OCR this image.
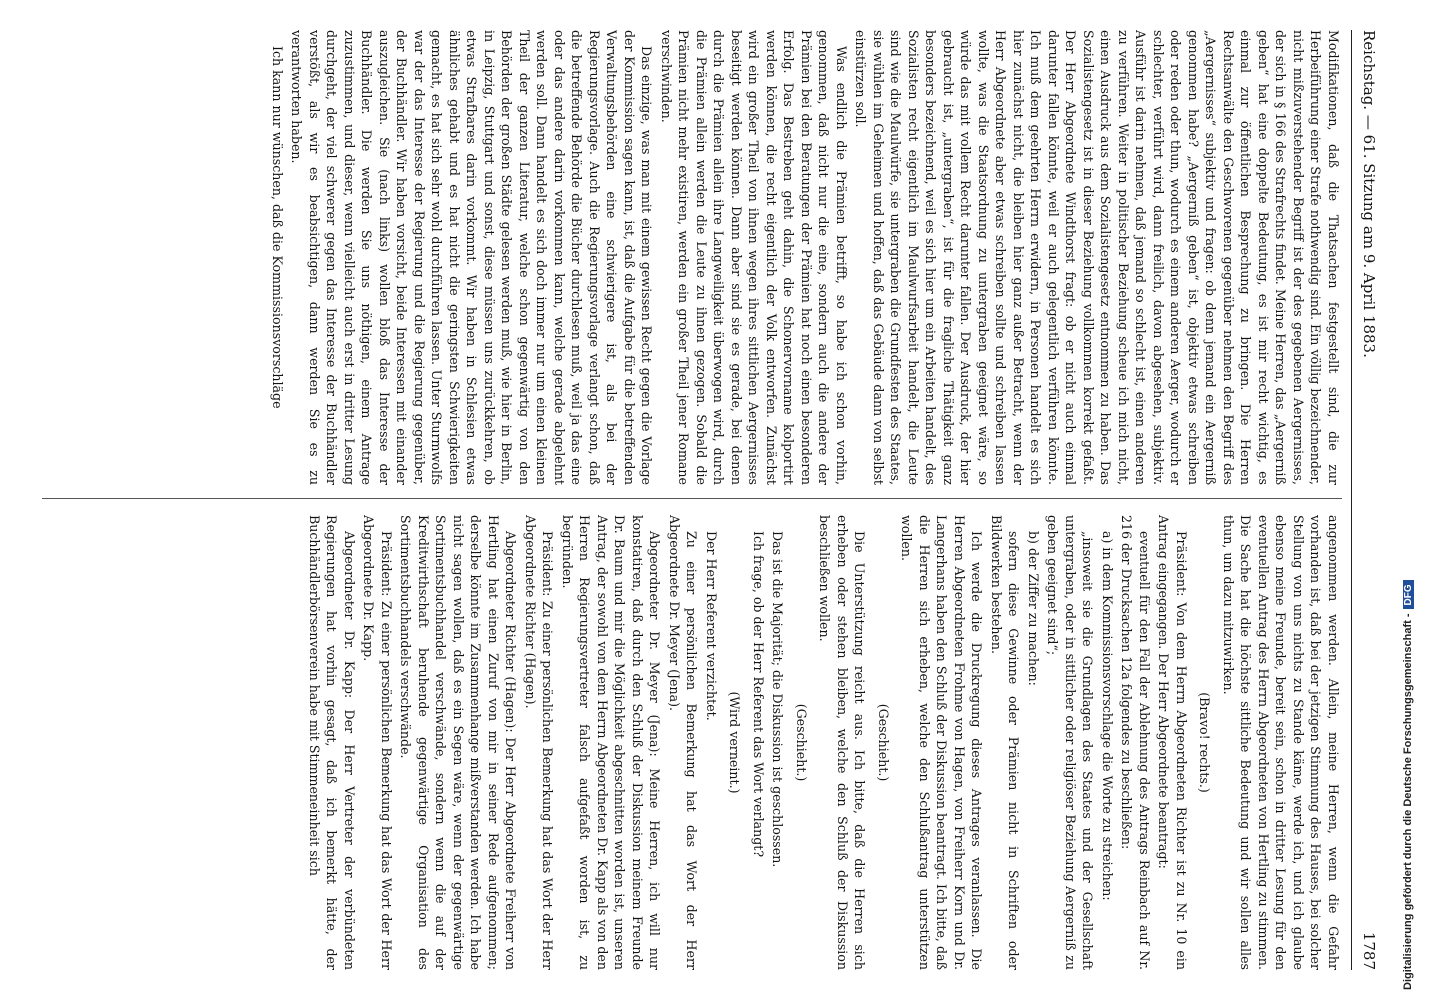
Reichstag. — 61. Sitzung am 9. April 1883.
1787

Modifikationen, daß die Thatsachen festgestellt sind, die zur Herbeiführung einer Strafe nothwendig sind. Ein völlig bezeichnender, nicht mißzuverstehender Begriff ist der des gegebenen Aergernisses, der sich in § 166 des Strafrechts findet. Meine Herren, das „Aergerniß geben“ hat eine doppelte Bedeutung, es ist mir recht wichtig, es einmal zur öffentlichen Besprechung zu bringen. Die Herren Rechtsanwälte den Geschworenen gegenüber nehmen den Begriff des „Aergernisses“ subjektiv und fragen: ob denn jemand ein Aergerniß genommen habe? „Aergerniß geben“ ist, objektiv etwas schreiben oder reden oder thun, wodurch es einem anderen Aerger, wodurch er schlechter, verführt wird, dann freilich, davon abgesehen, subjektiv. Ausführ ist darin nehmen, daß jemand so schlecht ist, einen anderen zu verführen. Weiter in politischer Beziehung scheue ich mich nicht, einen Ausdruck aus dem Sozialistengesetz entnommen zu haben. Das Sozialistengesetz ist in dieser Beziehung vollkommen korrekt gefaßt. Der Herr Abgeordnete Windthorst fragt: ob er nicht auch einmal darunter fallen könnte, weil er auch gelegentlich verführen könnte. Ich muß dem geehrten Herrn erwidern, in Personen handelt es sich hier zunächst nicht, die bleiben hier ganz außer Betracht, wenn der Herr Abgeordnete aber etwas schreiben sollte und schreiben lassen wollte, was die Staatsordnung zu untergraben geeignet wäre, so würde das mit vollem Recht darunter fallen. Der Ausdruck, der hier gebraucht ist, „untergraben“, ist für die fragliche Thätigkeit ganz besonders bezeichnend, weil es sich hier um ein Arbeiten handelt, des Sozialisten recht eigentlich im Maulwurfsarbeit handelt, die Leute sind wie die Maulwürfe, sie untergraben die Grundfesten des Staates, sie wühlen im Geheimen und hoffen, daß das Gebäude dann von selbst einstürzen soll.

Was endlich die Prämien betrifft, so habe ich schon vorhin, genommen, daß nicht nur die eine, sondern auch die andere der Prämien bei den Beratungen der Prämien hat noch einen besonderen Erfolg. Das Bestreben geht dahin, die Schonervorname kolportirt werden können, die recht eigentlich der Volk entworfen. Zunächst wird ein großer Theil von ihnen wegen ihres sittlichen Aergernisses beseitigt werden können. Dann aber sind sie es gerade, bei denen durch die Prämien allein ihre Langweiligkeit überwogen wird, durch die Prämien allein werden die Leute zu ihnen gezogen. Sobald die Prämien nicht mehr existiren, werden ein großer Theil jener Romane verschwinden.

Das einzige, was man mit einem gewissen Recht gegen die Vorlage der Kommission sagen kann, ist, daß die Aufgabe für die betreffenden Verwaltungsbehörden eine schwierigere ist, als bei der Regierungsvorlage. Auch die Regierungsvorlage verlangt schon, daß die betreffende Behörde die Bücher durchlesen muß, weil ja das eine oder das andere darin vorkommen kann, welche gerade abgelehnt werden soll. Dann handelt es sich doch immer nur um einen kleinen Theil der ganzen Literatur, welche schon gegenwärtig von den Behörden der großen Städte gelesen werden muß, wie hier in Berlin, in Leipzig, Stuttgart und sonst, diese müssen uns zurückkehren, ob etwas Strafbares darin vorkommt. Wir haben in Schlesien etwas ähnliches gehabt und es hat nicht die geringsten Schwierigkeiten gemacht, es hat sich sehr wohl durchführen lassen. Unter Sturmwolfs war der das Interesse der Regierung und die Regierung gegenüber, der Buchhändler. Wir haben vorsicht, beide Interessen mit einander auszugleichen. Sie (nach links) wollen bloß das Interesse der Buchhändler. Die werden Sie uns nöthigen, einem Antrage zuzustimmen, und dieser, wenn vielleicht auch erst in dritter Lesung durchgeht, der viel schwerer gegen das Interesse der Buchhändler verstößt, als wir es beabsichtigen, dann werden Sie es zu verantworten haben.

Ich kann nur wünschen, daß die Kommissionsvorschläge

angenommen werden. Allein, meine Herren, wenn die Gefahr vorhanden ist, daß bei der jetzigen Stimmung des Hauses, bei solcher Stellung von uns nichts zu Stande käme, werde ich, und ich glaube ebenso meine Freunde, bereit sein, schon in dritter Lesung für den eventuellen Antrag des Herrn Abgeordneten von Hertling zu stimmen. Die Sache hat die höchste sittliche Bedeutung und wir sollen alles thun, um dazu mitzuwirken.

(Bravo! rechts.)

Präsident: Von dem Herrn Abgeordneten Richter ist zu Nr. 10 ein Antrag eingegangen. Der Herr Abgeordnete beantragt:

eventuell für den Fall der Ablehnung des Antrags Reinbach auf Nr. 216 der Drucksachen 12a folgendes zu beschließen:

a) in dem Kommissionsvorschlage die Worte zu streichen:

„insoweit sie die Grundlagen des Staates und der Gesellschaft untergraben, oder in sittlicher oder religiöser Beziehung Aergerniß zu geben geeignet sind“;

b) der Ziffer zu machen:

sofern diese Gewinne oder Prämien nicht in Schriften oder Bildwerken bestehen.

Ich werde die Druckregung dieses Antrages veranlassen. Die Herren Abgeordneten Frohme von Hagen, von Freiherr Korn und Dr. Langerhans haben den Schluß der Diskussion beantragt. Ich bitte, daß die Herren sich erheben, welche den Schlußantrag unterstützen wollen.

(Geschieht.)

Die Unterstützung reicht aus. Ich bitte, daß die Herren sich erheben oder stehen bleiben, welche den Schluß der Diskussion beschließen wollen.

(Geschieht.)

Das ist die Majorität; die Diskussion ist geschlossen.

Ich frage, ob der Herr Referent das Wort verlangt?

(Wird verneint.)

Der Herr Referent verzichtet.

Zu einer persönlichen Bemerkung hat das Wort der Herr Abgeordnete Dr. Meyer (Jena).

Abgeordneter Dr. Meyer (Jena): Meine Herren, ich will nur konstatiren, daß durch den Schluß der Diskussion meinem Freunde Dr. Baum und mir die Möglichkeit abgeschnitten worden ist, unseren Antrag, der sowohl von dem Herrn Abgeordneten Dr. Kapp als von den Herren Regierungsvertreter falsch aufgefaßt worden ist, zu begründen.

Präsident: Zu einer persönlichen Bemerkung hat das Wort der Herr Abgeordnete Richter (Hagen).

Abgeordneter Richter (Hagen): Der Herr Abgeordnete Freiherr von Hertling hat einen Zuruf von mir in seiner Rede aufgenommen; derselbe könnte im Zusammenhange mißverstanden werden. Ich habe nicht sagen wollen, daß es ein Segen wäre, wenn der gegenwärtige Sortimentsbuchhandel verschwände, sondern wenn die auf der Kreditwirthschaft beruhende gegenwärtige Organisation des Sortimentsbuchhandels verschwände.

Präsident: Zu einer persönlichen Bemerkung hat das Wort der Herr Abgeordnete Dr. Kapp.

Abgeordneter Dr. Kapp: Der Herr Vertreter der verbündeten Regierungen hat vorhin gesagt, daß ich bemerkt hätte, der Buchhändlerbörsenverein habe mit Stimmeneinheit sich	Digitalisierung gefördert durch die Deutsche Forschungsgemeinschaft -DFG
